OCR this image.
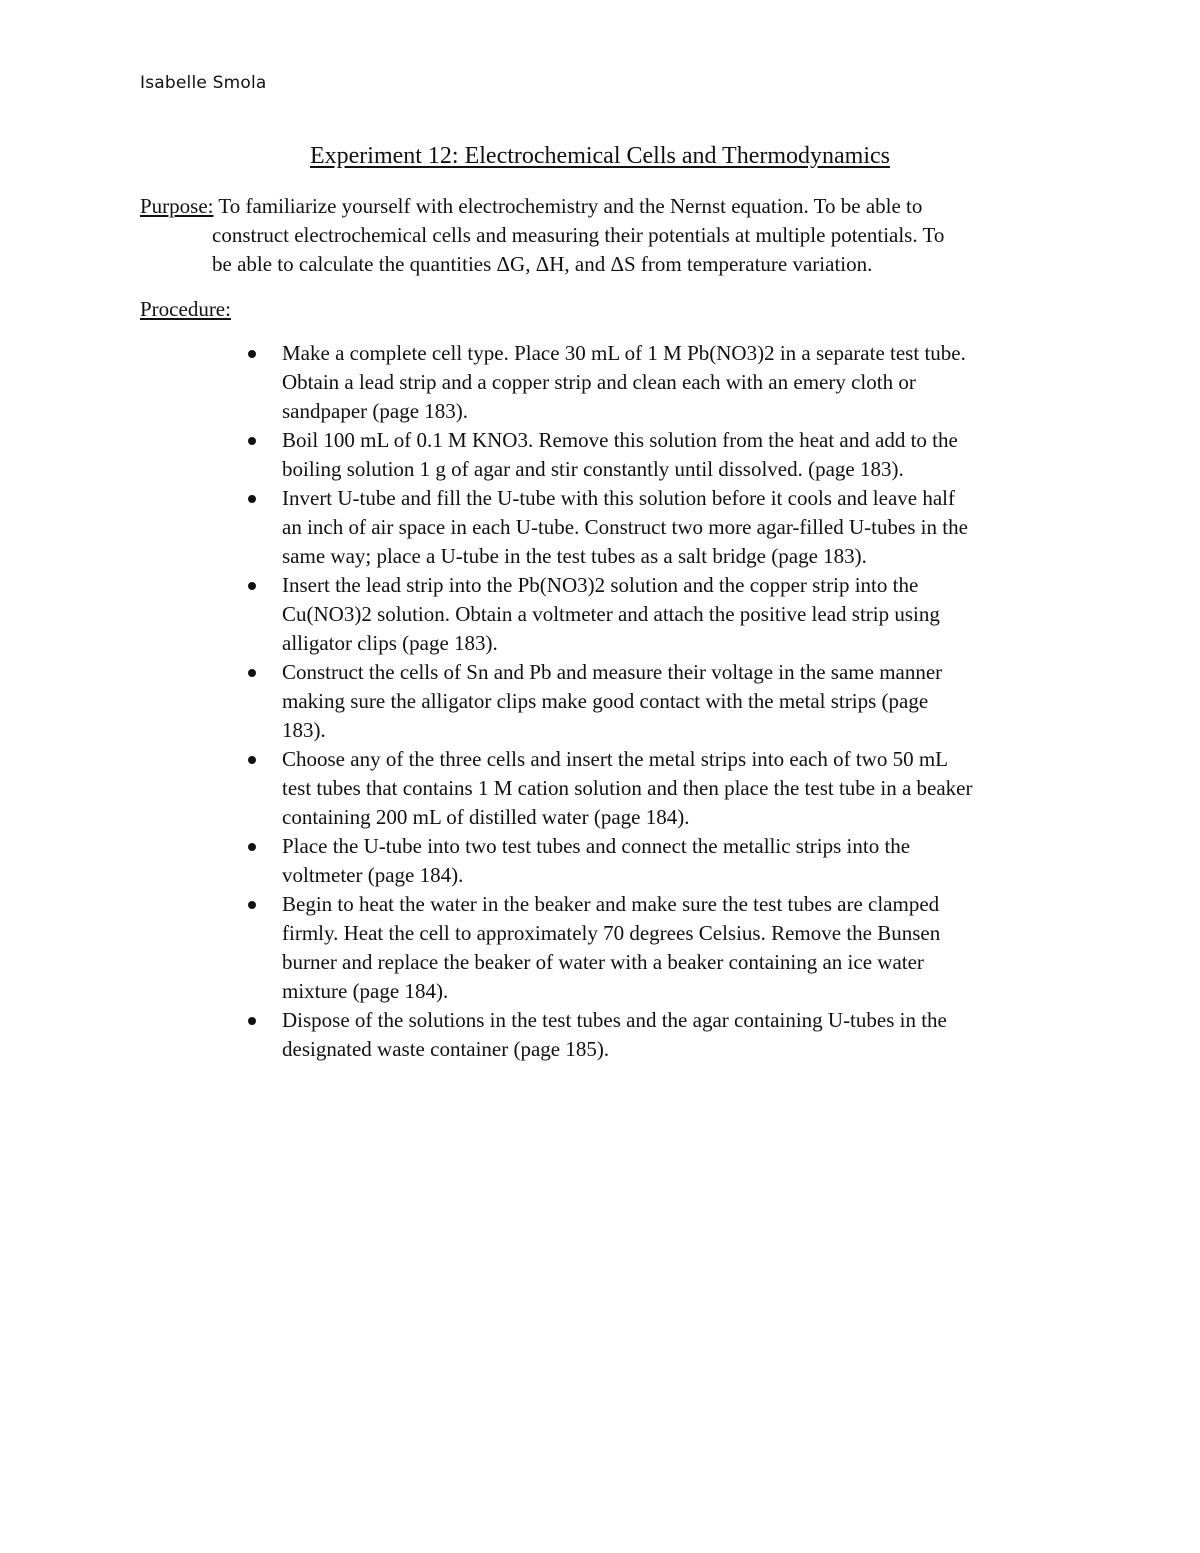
Isabelle Smola
Experiment 12: Electrochemical Cells and Thermodynamics
Purpose: To familiarize yourself with electrochemistry and the Nernst equation. To be able to
construct electrochemical cells and measuring their potentials at multiple potentials. To
be able to calculate the quantities ΔG, ΔH, and ΔS from temperature variation.
Procedure:
Make a complete cell type. Place 30 mL of 1 M Pb(NO3)2 in a separate test tube.
Obtain a lead strip and a copper strip and clean each with an emery cloth or
sandpaper (page 183).
Boil 100 mL of 0.1 M KNO3. Remove this solution from the heat and add to the
boiling solution 1 g of agar and stir constantly until dissolved. (page 183).
Invert U-tube and fill the U-tube with this solution before it cools and leave half
an inch of air space in each U-tube. Construct two more agar-filled U-tubes in the
same way; place a U-tube in the test tubes as a salt bridge (page 183).
Insert the lead strip into the Pb(NO3)2 solution and the copper strip into the
Cu(NO3)2 solution. Obtain a voltmeter and attach the positive lead strip using
alligator clips (page 183).
Construct the cells of Sn and Pb and measure their voltage in the same manner
making sure the alligator clips make good contact with the metal strips (page
183).
Choose any of the three cells and insert the metal strips into each of two 50 mL
test tubes that contains 1 M cation solution and then place the test tube in a beaker
containing 200 mL of distilled water (page 184).
Place the U-tube into two test tubes and connect the metallic strips into the
voltmeter (page 184).
Begin to heat the water in the beaker and make sure the test tubes are clamped
firmly. Heat the cell to approximately 70 degrees Celsius. Remove the Bunsen
burner and replace the beaker of water with a beaker containing an ice water
mixture (page 184).
Dispose of the solutions in the test tubes and the agar containing U-tubes in the
designated waste container (page 185).
